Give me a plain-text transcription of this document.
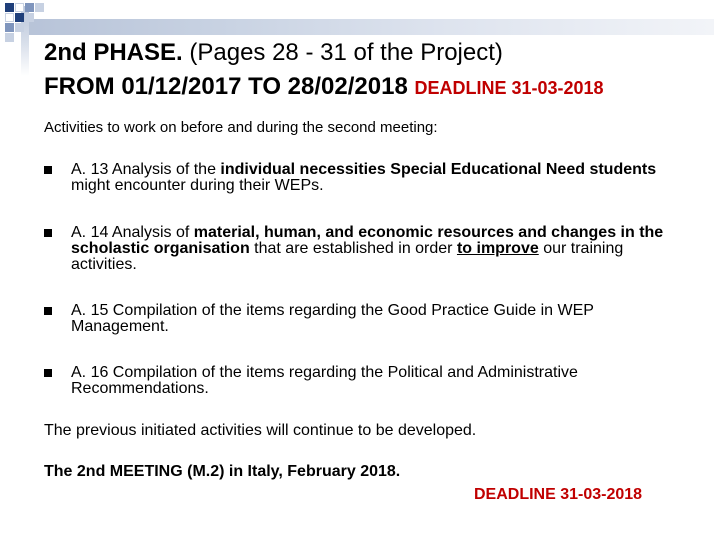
2nd PHASE. (Pages 28 - 31 of the Project)
FROM 01/12/2017 TO 28/02/2018 DEADLINE 31-03-2018
Activities to work on before and during the second meeting:
A. 13 Analysis of the individual necessities Special Educational Need students might encounter during their WEPs.
A. 14 Analysis of material, human, and economic resources and changes in the scholastic organisation that are established in order to improve our training activities.
A. 15 Compilation of the items regarding the Good Practice Guide in WEP Management.
A. 16 Compilation of the items regarding the Political and Administrative Recommendations.
The previous initiated activities will continue to be developed.
The 2nd MEETING (M.2) in Italy, February 2018.
DEADLINE 31-03-2018
